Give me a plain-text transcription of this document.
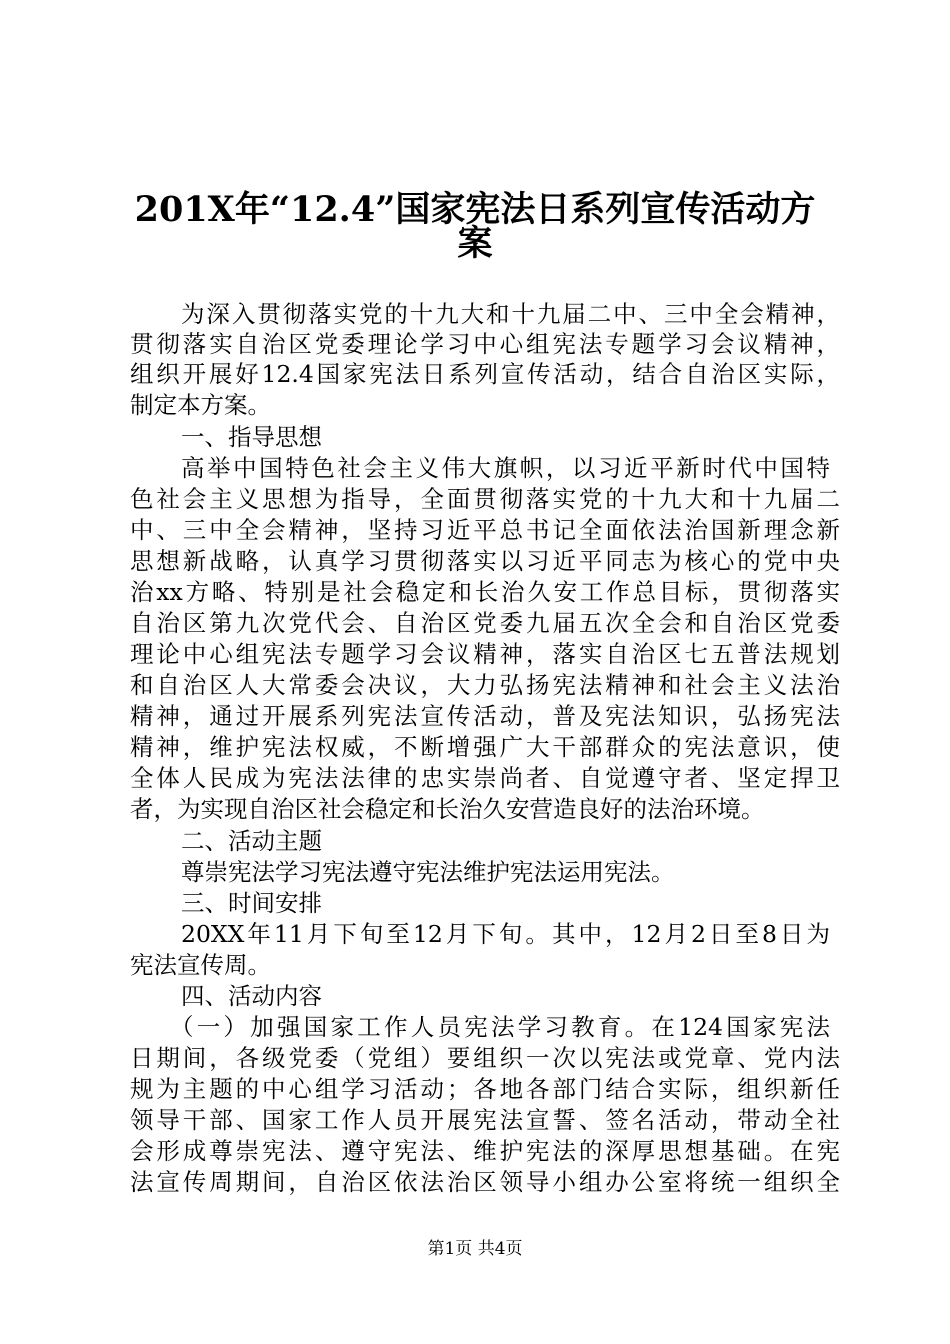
201X年“12.4”国家宪法日系列宣传活动方
案
为深入贯彻落实党的十九大和十九届二中、三中全会精神，
贯彻落实自治区党委理论学习中心组宪法专题学习会议精神，
组织开展好12.4国家宪法日系列宣传活动，结合自治区实际，
制定本方案。
一、指导思想
高举中国特色社会主义伟大旗帜，以习近平新时代中国特
色社会主义思想为指导，全面贯彻落实党的十九大和十九届二
中、三中全会精神，坚持习近平总书记全面依法治国新理念新
思想新战略，认真学习贯彻落实以习近平同志为核心的党中央
治xx方略、特别是社会稳定和长治久安工作总目标，贯彻落实
自治区第九次党代会、自治区党委九届五次全会和自治区党委
理论中心组宪法专题学习会议精神，落实自治区七五普法规划
和自治区人大常委会决议，大力弘扬宪法精神和社会主义法治
精神，通过开展系列宪法宣传活动，普及宪法知识，弘扬宪法
精神，维护宪法权威，不断增强广大干部群众的宪法意识，使
全体人民成为宪法法律的忠实崇尚者、自觉遵守者、坚定捍卫
者，为实现自治区社会稳定和长治久安营造良好的法治环境。
二、活动主题
尊崇宪法学习宪法遵守宪法维护宪法运用宪法。
三、时间安排
20XX年11月下旬至12月下旬。其中，12月2日至8日为
宪法宣传周。
四、活动内容
（一）加强国家工作人员宪法学习教育。在124国家宪法
日期间，各级党委（党组）要组织一次以宪法或党章、党内法
规为主题的中心组学习活动；各地各部门结合实际，组织新任
领导干部、国家工作人员开展宪法宣誓、签名活动，带动全社
会形成尊崇宪法、遵守宪法、维护宪法的深厚思想基础。在宪
法宣传周期间，自治区依法治区领导小组办公室将统一组织全
第1页 共4页
